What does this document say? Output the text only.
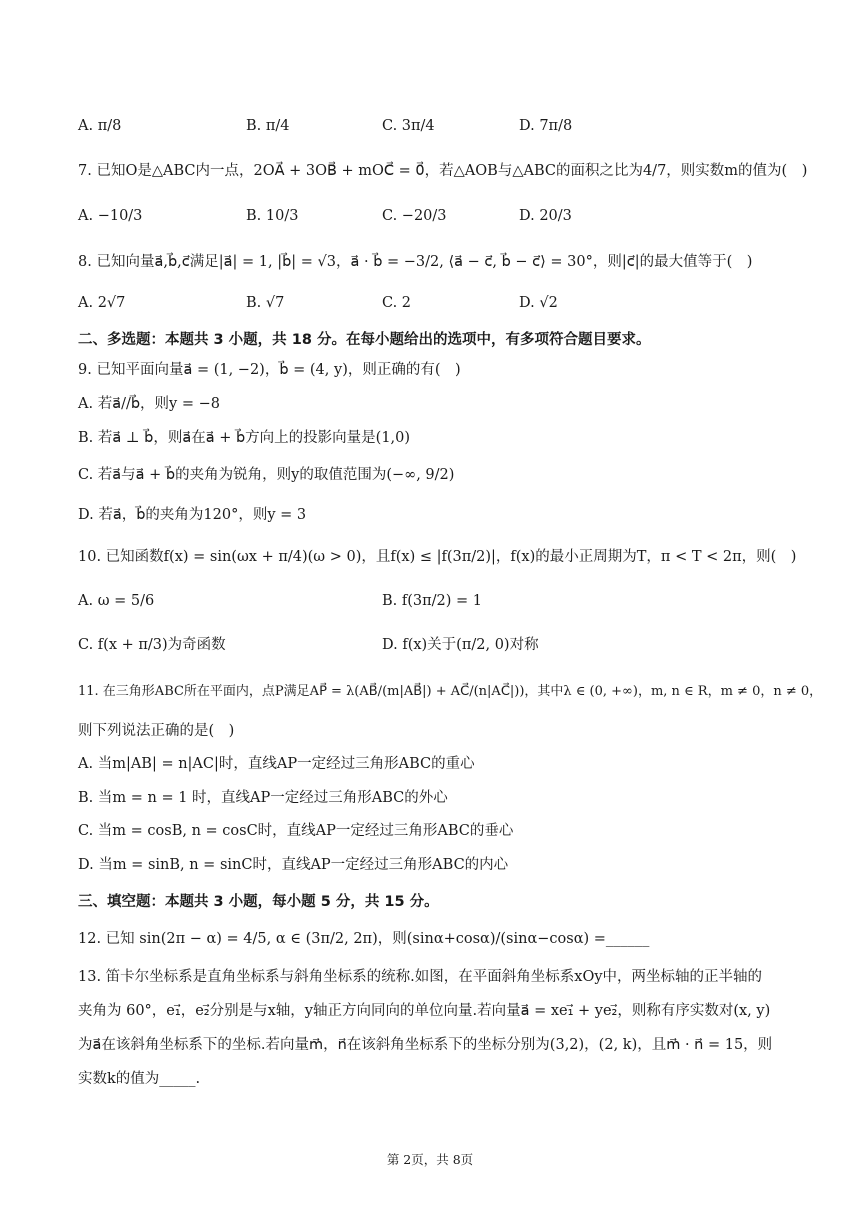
A. π/8	B. π/4	C. 3π/4	D. 7π/8
7. 已知O是△ABC内一点，2OA⃗ + 3OB⃗ + mOC⃗ = 0⃗，若△AOB与△ABC的面积之比为4/7，则实数m的值为(　)
A. −10/3	B. 10/3	C. −20/3	D. 20/3
8. 已知向量a⃗,b⃗,c⃗满足|a⃗| = 1, |b⃗| = √3，a⃗ · b⃗ = −3/2, ⟨a⃗ − c⃗, b⃗ − c⃗⟩ = 30°，则|c⃗|的最大值等于(　)
A. 2√7	B. √7	C. 2	D. √2
二、多选题：本题共 3 小题，共 18 分。在每小题给出的选项中，有多项符合题目要求。
9. 已知平面向量a⃗ = (1, −2)，b⃗ = (4, y)，则正确的有(　)
A. 若a⃗//b⃗，则y = −8
B. 若a⃗ ⊥ b⃗，则a⃗在a⃗ + b⃗方向上的投影向量是(1,0)
C. 若a⃗与a⃗ + b⃗的夹角为锐角，则y的取值范围为(−∞, 9/2)
D. 若a⃗，b⃗的夹角为120°，则y = 3
10. 已知函数f(x) = sin(ωx + π/4)(ω > 0)，且f(x) ≤ |f(3π/2)|，f(x)的最小正周期为T，π < T < 2π，则(　)
A. ω = 5/6	B. f(3π/2) = 1
C. f(x + π/3)为奇函数	D. f(x)关于(π/2, 0)对称
11. 在三角形ABC所在平面内，点P满足AP⃗ = λ(AB⃗/(m|AB⃗|) + AC⃗/(n|AC⃗|))，其中λ ∈ (0, +∞)，m, n ∈ R，m ≠ 0，n ≠ 0，
则下列说法正确的是(　)
A. 当m|AB| = n|AC|时，直线AP一定经过三角形ABC的重心
B. 当m = n = 1 时，直线AP一定经过三角形ABC的外心
C. 当m = cosB, n = cosC时，直线AP一定经过三角形ABC的垂心
D. 当m = sinB, n = sinC时，直线AP一定经过三角形ABC的内心
三、填空题：本题共 3 小题，每小题 5 分，共 15 分。
12. 已知 sin(2π − α) = 4/5, α ∈ (3π/2, 2π)，则(sinα+cosα)/(sinα−cosα) =______
13. 笛卡尔坐标系是直角坐标系与斜角坐标系的统称.如图，在平面斜角坐标系xOy中，两坐标轴的正半轴的
夹角为 60°，e₁⃗，e₂⃗分别是与x轴，y轴正方向同向的单位向量.若向量a⃗ = xe₁⃗ + ye₂⃗，则称有序实数对(x, y)
为a⃗在该斜角坐标系下的坐标.若向量m⃗，n⃗在该斜角坐标系下的坐标分别为(3,2)，(2, k)，且m⃗ · n⃗ = 15，则
实数k的值为_____.
第 2页，共 8页
